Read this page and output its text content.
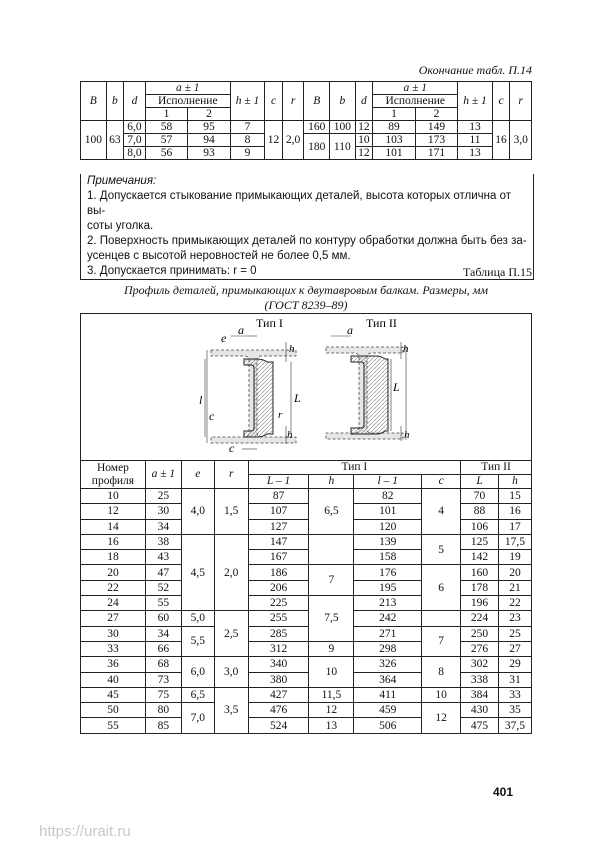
Окончание табл. П.14
B	b	d	a ± 1		h ± 1	c	r	B	b	d	a ± 1		h ± 1	c	r
			Исполнение								Исполнение				
			1	2							1	2			
100	63	6,0	58	95	7	12	2,0	160	100	12	89	149	13	16	3,0
		7,0	57	94	8			180	110	10	103	173	11		
		8,0	56	93	9					12	101	171	13		
Примечания:
1. Допускается стыкование примыкающих деталей, высота которых отлична от вы-
соты уголка.
2. Поверхность примыкающих деталей по контуру обработки должна быть без за-
усенцев с высотой неровностей не более 0,5 мм.
3. Допускается принимать: r = 0	Таблица П.15
Профиль деталей, примыкающих к двутавровым балкам. Размеры, мм
(ГОСТ 8239–89)
Тип I
a
e
h
l
c
L
r
h
c
Тип II
a
h
L
h
Номер
профиля	a ± 1	e	r	Тип I				Тип II	
				L – 1	h	l – 1	c	L	h
10	25	4,0	1,5	87	6,5	82	4	70	15
12	30			107		101		88	16
14	34			127		120		106	17
16	38	4,5	2,0	147		139	5	125	17,5
18	43			167		158		142	19
20	47			186	7	176	6	160	20
22	52			206		195		178	21
24	55			225	7,5	213		196	22
27	60	5,0	2,5	255		242		224	23
30	34	5,5		285		271	7	250	25
33	66			312	9	298		276	27
36	68	6,0	3,0	340	10	326	8	302	29
40	73			380		364		338	31
45	75	6,5	3,5	427	11,5	411	10	384	33
50	80	7,0		476	12	459	12	430	35
55	85			524	13	506		475	37,5
401
https://urait.ru
